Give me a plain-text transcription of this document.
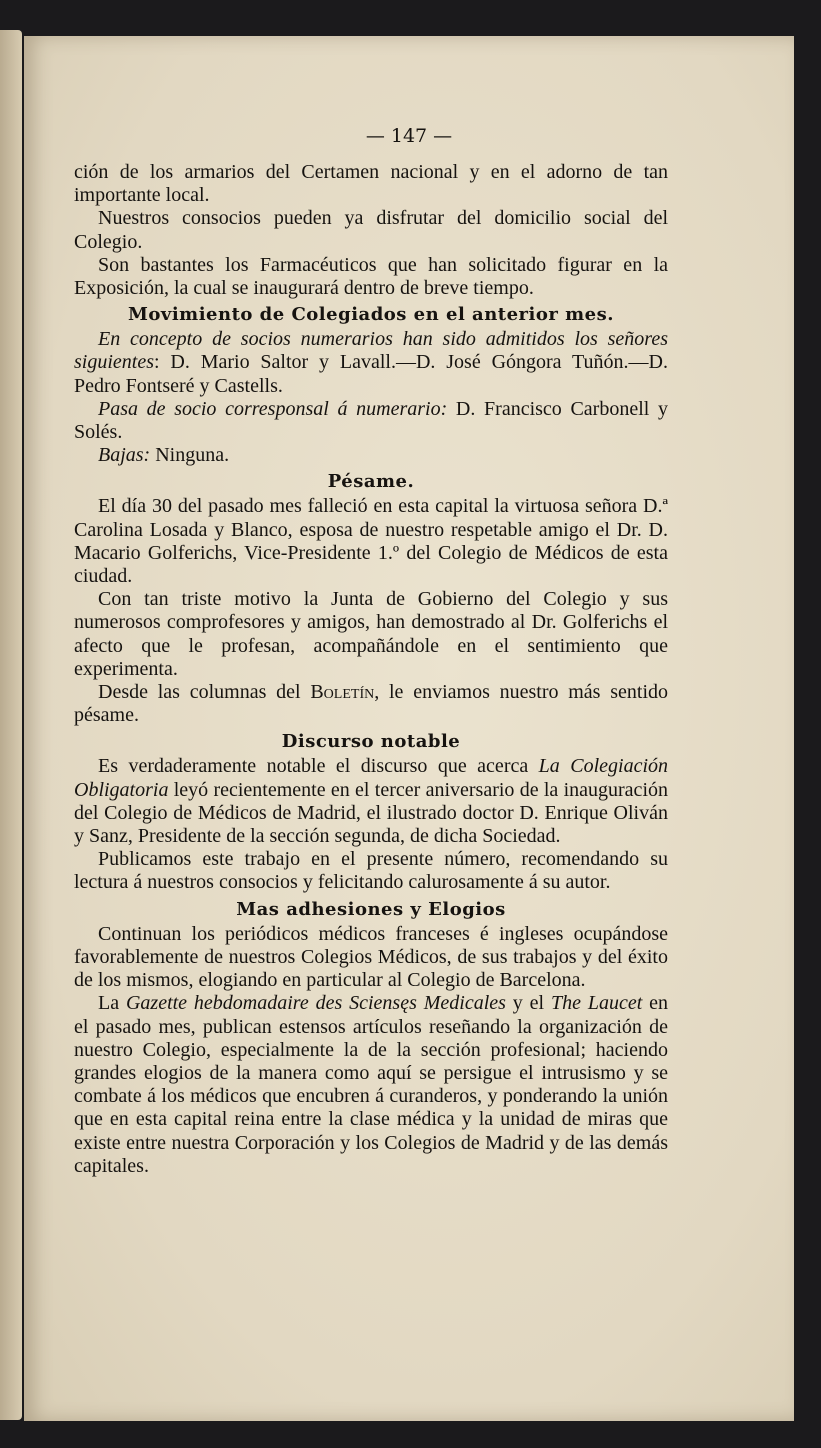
— 147 —

ción de los armarios del Certamen nacional y en el adorno de tan importante local.

Nuestros consocios pueden ya disfrutar del domicilio social del Colegio.

Son bastantes los Farmacéuticos que han solicitado figurar en la Exposición, la cual se inaugurará dentro de breve tiempo.

Movimiento de Colegiados en el anterior mes.

En concepto de socios numerarios han sido admitidos los señores siguientes: D. Mario Saltor y Lavall.—D. José Góngora Tuñón.—D. Pedro Fontseré y Castells.

Pasa de socio corresponsal á numerario: D. Francisco Carbonell y Solés.

Bajas: Ninguna.

Pésame.

El día 30 del pasado mes falleció en esta capital la virtuosa señora D.ª Carolina Losada y Blanco, esposa de nuestro respetable amigo el Dr. D. Macario Golferichs, Vice-Presidente 1.º del Colegio de Médicos de esta ciudad.

Con tan triste motivo la Junta de Gobierno del Colegio y sus numerosos comprofesores y amigos, han demostrado al Dr. Golferichs el afecto que le profesan, acompañándole en el sentimiento que experimenta.

Desde las columnas del Boletín, le enviamos nuestro más sentido pésame.

Discurso notable

Es verdaderamente notable el discurso que acerca La Colegiación Obligatoria leyó recientemente en el tercer aniversario de la inauguración del Colegio de Médicos de Madrid, el ilustrado doctor D. Enrique Oliván y Sanz, Presidente de la sección segunda, de dicha Sociedad.

Publicamos este trabajo en el presente número, recomendando su lectura á nuestros consocios y felicitando calurosamente á su autor.

Mas adhesiones y Elogios

Continuan los periódicos médicos franceses é ingleses ocupándose favorablemente de nuestros Colegios Médicos, de sus trabajos y del éxito de los mismos, elogiando en particular al Colegio de Barcelona.

La Gazette hebdomadaire des Sciensęs Medicales y el The Laucet en el pasado mes, publican estensos artículos reseñando la organización de nuestro Colegio, especialmente la de la sección profesional; haciendo grandes elogios de la manera como aquí se persigue el intrusismo y se combate á los médicos que encubren á curanderos, y ponderando la unión que en esta capital reina entre la clase médica y la unidad de miras que existe entre nuestra Corporación y los Colegios de Madrid y de las demás capitales.
